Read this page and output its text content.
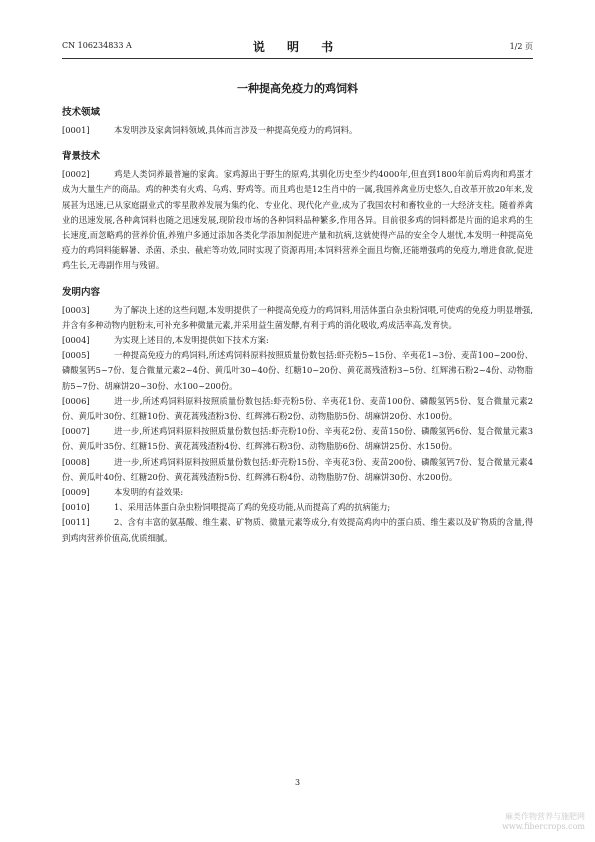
CN 106234833 A	说 明 书	1/2 页
一种提高免疫力的鸡饲料
技术领域

[0001]	本发明涉及家禽饲料领域,具体而言涉及一种提高免疫力的鸡饲料。

背景技术

[0002]	鸡是人类饲养最普遍的家禽。家鸡源出于野生的原鸡,其驯化历史至少约4000年,但直到1800年前后鸡肉和鸡蛋才成为大量生产的商品。鸡的种类有火鸡、乌鸡、野鸡等。而且鸡也是12生肖中的一属,我国养禽业历史悠久,自改革开放20年来,发展甚为迅速,已从家庭副业式的零星散养发展为集约化、专业化、现代化产业,成为了我国农村和畜牧业的一大经济支柱。随着养禽业的迅速发展,各种禽饲料也随之迅速发展,现阶段市场的各种饲料品种繁多,作用各异。目前很多鸡的饲料都是片面的追求鸡的生长速度,而忽略鸡的营养价值,养殖户多通过添加各类化学添加剂促进产量和抗病,这就使得产品的安全令人堪忧,本发明一种提高免疫力的鸡饲料能解暑、杀菌、杀虫、截疟等功效,同时实现了资源再用;本饲料营养全面且均衡,还能增强鸡的免疫力,增进食欲,促进鸡生长,无毒副作用与残留。

发明内容

[0003]	为了解决上述的这些问题,本发明提供了一种提高免疫力的鸡饲料,用活体蛋白杂虫粉饲喂,可使鸡的免疫力明显增强,并含有多种动物内脏粉末,可补充多种微量元素,并采用益生菌发酵,有利于鸡的消化吸收,鸡成活率高,发育快。

[0004]	为实现上述目的,本发明提供如下技术方案:

[0005]	一种提高免疫力的鸡饲料,所述鸡饲料原料按照质量份数包括:虾壳粉5~15份、辛夷花1~3份、麦苗100~200份、磷酸氢钙5~7份、复合微量元素2~4份、黄瓜叶30~40份、红糖10~20份、黄花蒿残渣粉3~5份、红辉沸石粉2~4份、动物脂肪5~7份、胡麻饼20~30份、水100~200份。

[0006]	进一步,所述鸡饲料原料按照质量份数包括:虾壳粉5份、辛夷花1份、麦苗100份、磷酸氢钙5份、复合微量元素2份、黄瓜叶30份、红糖10份、黄花蒿残渣粉3份、红辉沸石粉2份、动物脂肪5份、胡麻饼20份、水100份。

[0007]	进一步,所述鸡饲料原料按照质量份数包括:虾壳粉10份、辛夷花2份、麦苗150份、磷酸氢钙6份、复合微量元素3份、黄瓜叶35份、红糖15份、黄花蒿残渣粉4份、红辉沸石粉3份、动物脂肪6份、胡麻饼25份、水150份。

[0008]	进一步,所述鸡饲料原料按照质量份数包括:虾壳粉15份、辛夷花3份、麦苗200份、磷酸氢钙7份、复合微量元素4份、黄瓜叶40份、红糖20份、黄花蒿残渣粉5份、红辉沸石粉4份、动物脂肪7份、胡麻饼30份、水200份。

[0009]	本发明的有益效果:

[0010]	1、采用活体蛋白杂虫粉饲喂提高了鸡的免疫功能,从而提高了鸡的抗病能力;

[0011]	2、含有丰富的氨基酸、维生素、矿物质、微量元素等成分,有效提高鸡肉中的蛋白质、维生素以及矿物质的含量,得到鸡肉营养价值高,优质细腻。

3
麻类作物营养与施肥网
www.fibercrops.com
